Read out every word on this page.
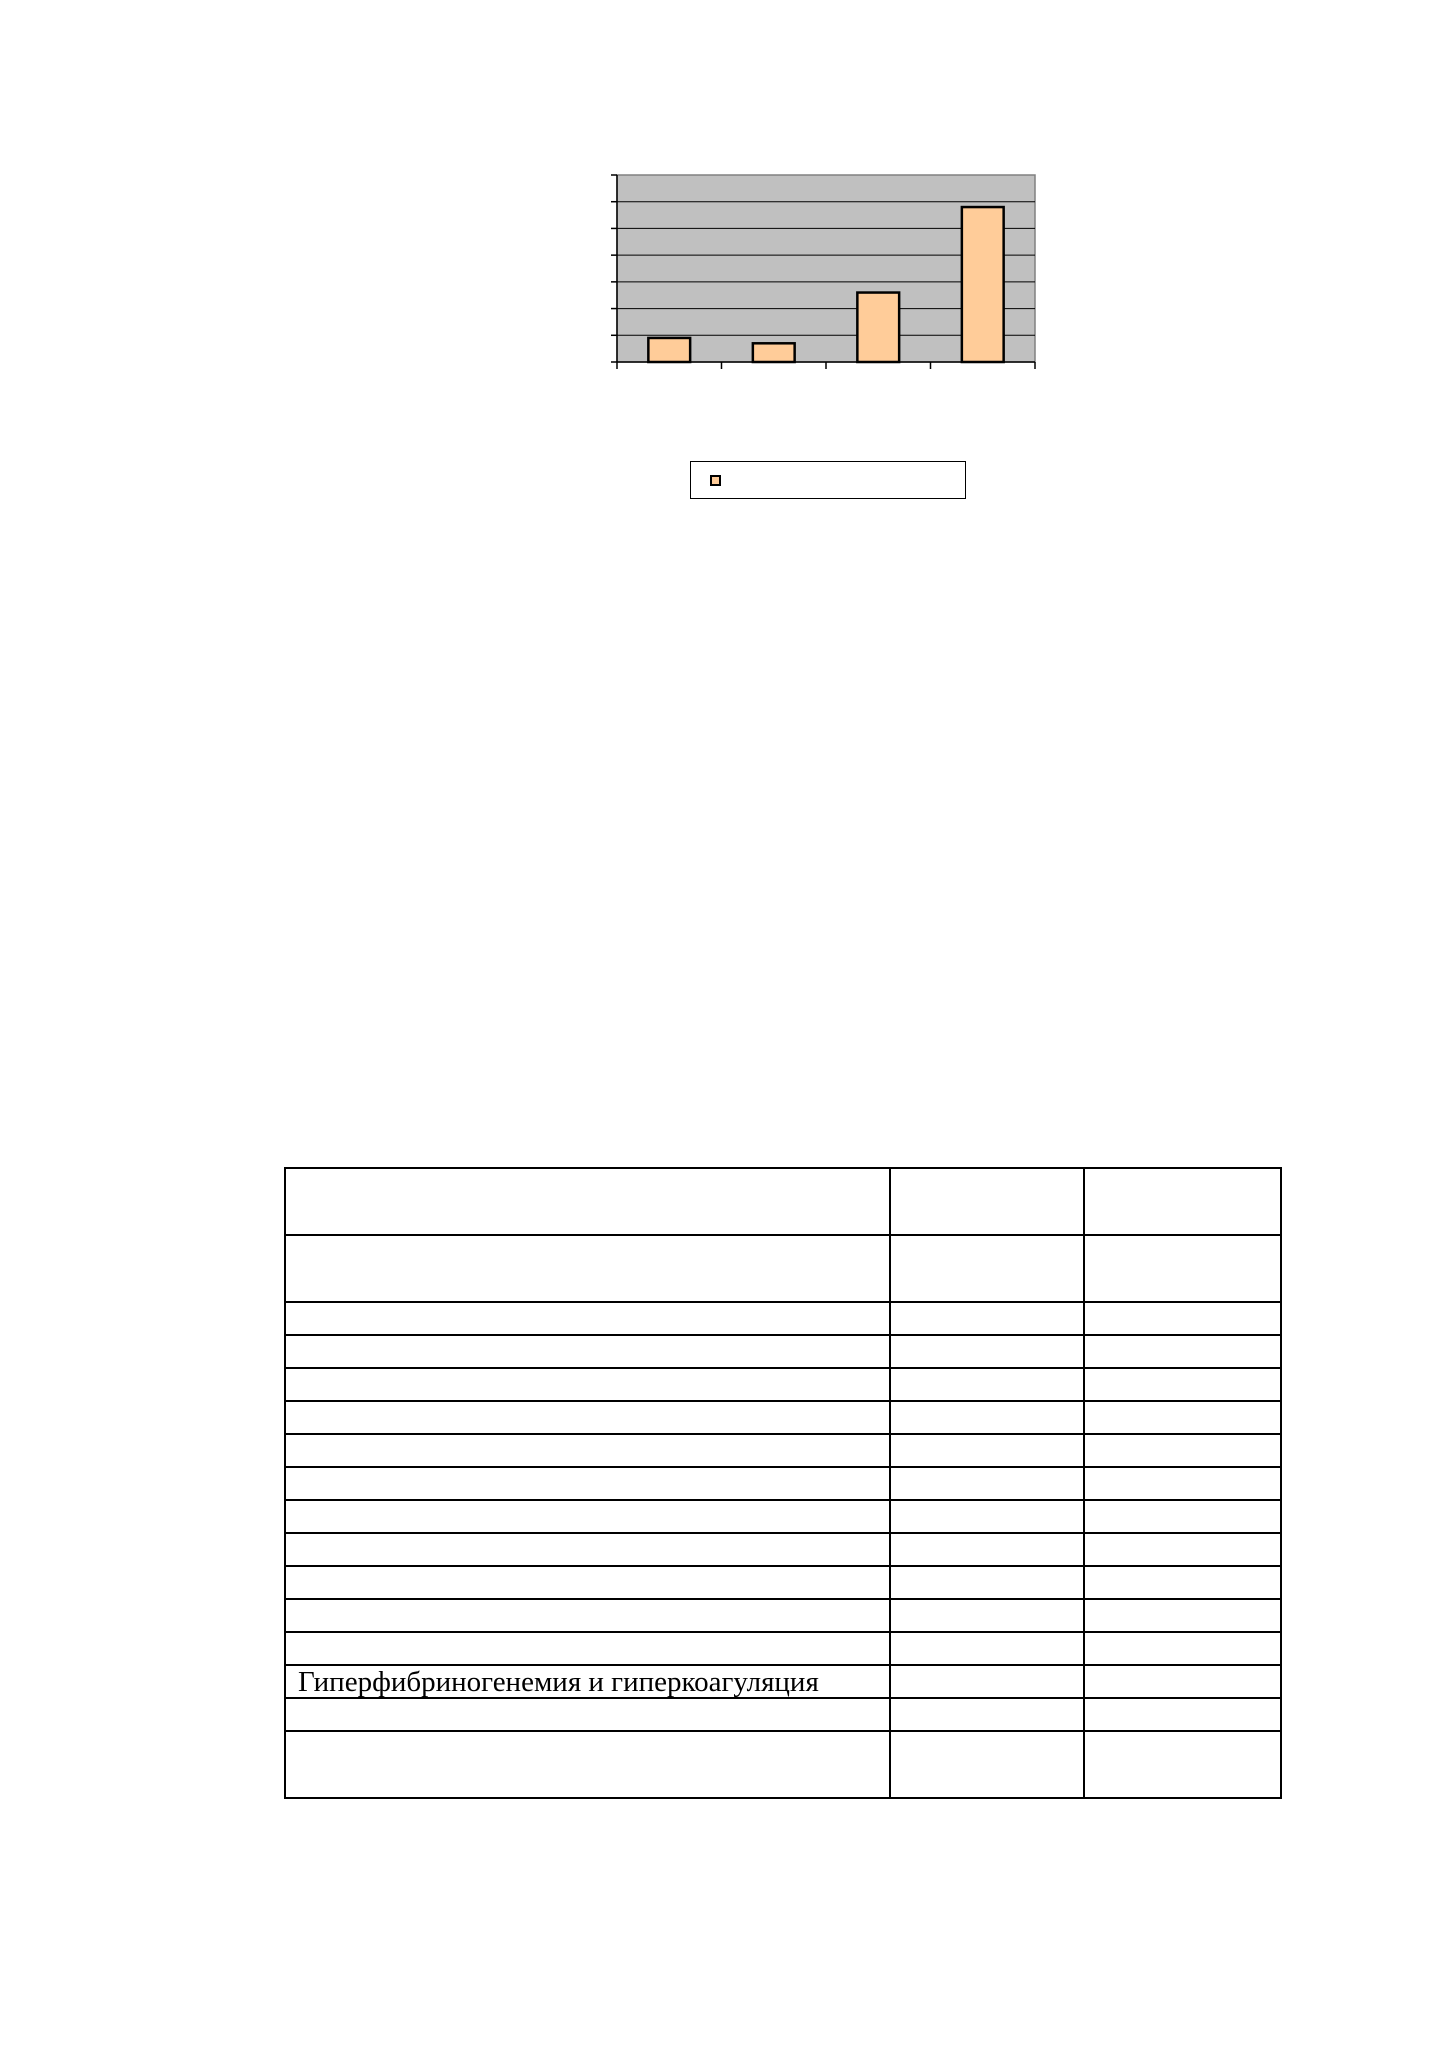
Гиперфибриногенемия и гиперкоагуляция		
